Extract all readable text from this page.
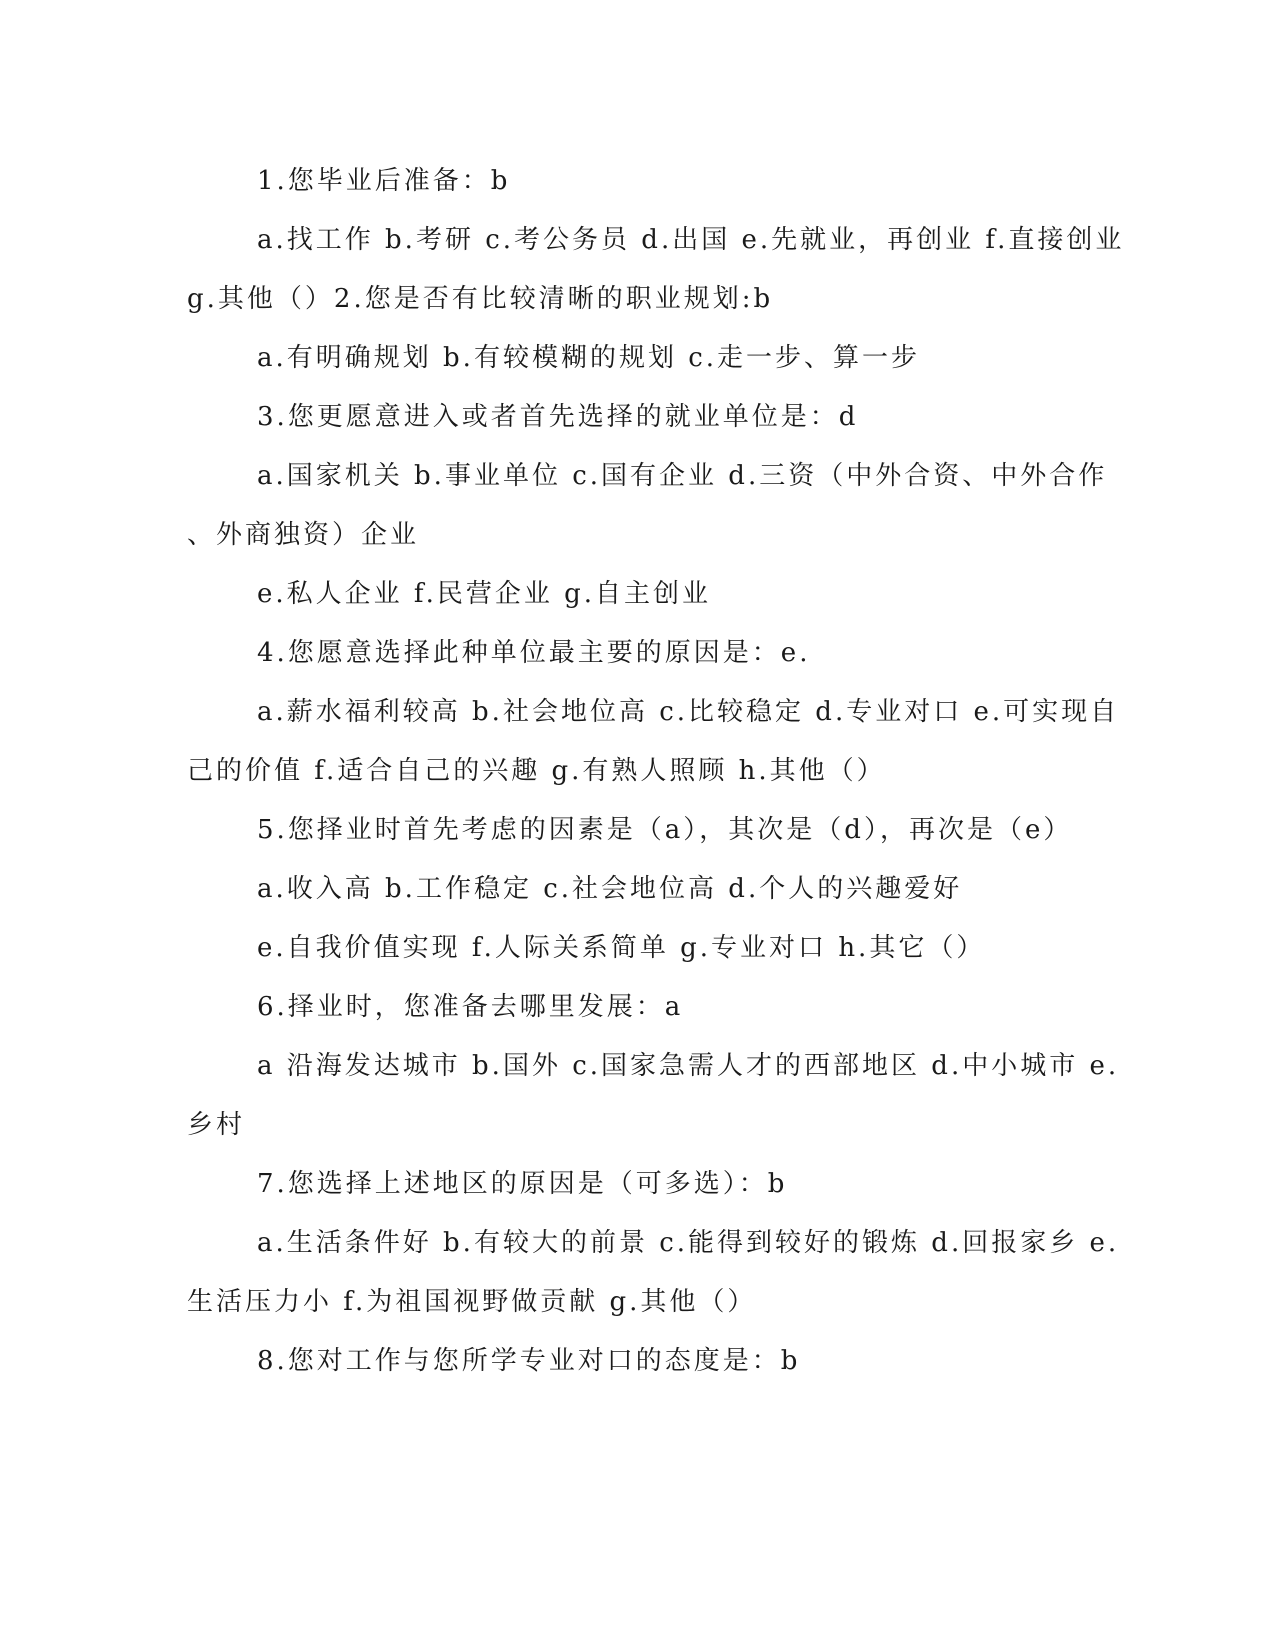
1.您毕业后准备：b
a.找工作 b.考研 c.考公务员 d.出国 e.先就业，再创业 f.直接创业
g.其他（）2.您是否有比较清晰的职业规划:b
a.有明确规划 b.有较模糊的规划 c.走一步、算一步
3.您更愿意进入或者首先选择的就业单位是：d
a.国家机关 b.事业单位 c.国有企业 d.三资（中外合资、中外合作
、外商独资）企业
e.私人企业 f.民营企业 g.自主创业
4.您愿意选择此种单位最主要的原因是：e.
a.薪水福利较高 b.社会地位高 c.比较稳定 d.专业对口 e.可实现自
己的价值 f.适合自己的兴趣 g.有熟人照顾 h.其他（）
5.您择业时首先考虑的因素是（a），其次是（d），再次是（e）
a.收入高 b.工作稳定 c.社会地位高 d.个人的兴趣爱好
e.自我价值实现 f.人际关系简单 g.专业对口 h.其它（）
6.择业时，您准备去哪里发展：a
a 沿海发达城市 b.国外 c.国家急需人才的西部地区 d.中小城市 e.
乡村
7.您选择上述地区的原因是（可多选）：b
a.生活条件好 b.有较大的前景 c.能得到较好的锻炼 d.回报家乡 e.
生活压力小 f.为祖国视野做贡献 g.其他（）
8.您对工作与您所学专业对口的态度是：b
